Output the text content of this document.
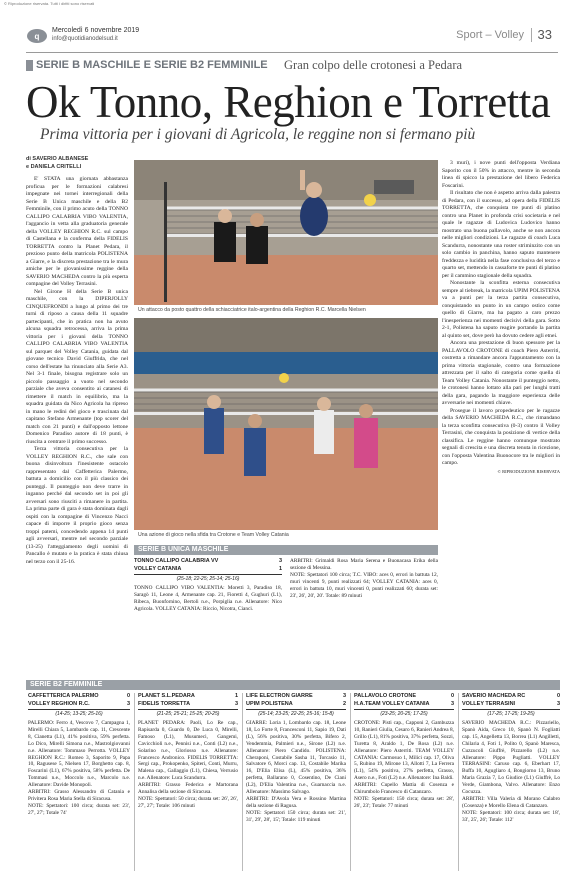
© Riproduzione riservata. Tutti i diritti sono riservati
q
Mercoledì 6 novembre 2019
info@quotidianodelsud.it	Sport – Volley 33
SERIE B MASCHILE E SERIE B2 FEMMINILE Gran colpo delle crotonesi a Pedara
Ok Tonno, Reghion e Torretta
Prima vittoria per i giovani di Agricola, le reggine non si fermano più
di SAVERIO ALBANESE
e DANIELA CRITELLI

E' STATA una giornata abbastanza proficua per le formazioni calabresi impegnate nei tornei interregionali della Serie B Unica maschile e della B2 Femminile, con il primo acuto della TONNO CALLIPO CALABRIA VIBO VALENTIA, l'aggancio in vetta alla graduatoria generale della VOLLEY REGHION R.C. sul campo di Castellana e la conferma della FIDELIS TORRETTA contro la Planet Pedara, il prezioso punto della matricola POLISTENA a Giarre, e la discreta prestazione tra le mura amiche per le giovanissime reggine della SAVERIO MACHEDA contro la più esperta compagine del Volley Terrasini.

Nel Girone H della Serie B unica maschile, con la DIPERJOLLY CINQUEFRONDI a lungo al primo dei tre turni di riposo a causa della 11 squadre partecipanti, che in pratica non ha avuto alcuna squadra retrocessa, arriva la prima vittoria per i giovani della TONNO CALLIPO CALABRIA VIBO VALENTIA sul parquet del Volley Catania, guidata dal giovane tecnico David Giuffrida, che nel corso dell'estate ha rinunciato alla Serie A3. Nel 3-1 finale, bisogna registrare solo un piccolo passaggio a vuoto nel secondo parziale che aveva consentito ai catanesi di rimettere il match in equilibrio, ma la squadra guidata da Nico Agricola ha ripreso in mano le redini del gioco e trascinata dal capitano Stefano Armenante (top scorer del match con 21 punti) e dall'opposto lettone Domenico Paradiso autore di 18 punti, è riuscita a centrare il primo successo.

Terza vittoria consecutiva per la VOLLEY REGHION R.C., che sale con buona disinvoltura l'inesistente ostacolo rappresentato dal Caffetterica Palermo, battuta a domicilio con il più classico dei punteggi. Il punteggio non deve trarre in inganno perché dal secondo set in poi gli avversari sono riusciti a rimanere in partita. La prima parte di gara è stata dominata dagli ospiti con la compagine di Vincenzo Nacci capace di imporre il proprio gioco senza troppi patemi, concedendo appena 14 punti agli avversari, mentre nel secondo parziale (13-25) l'atteggiamento degli uomini di Pancallo è mutato e la pratica è stata chiusa nel terzo con il 25-16.

Un attacco da posto quattro della schiacciatrice italo-argentina della Reghion R.C. Marcella Nielsen
Una azione di gioco nella sfida tra Crotone e Team Volley Catania

3 muri), i nove punti dell'opposta Verdiana Saporito con il 50% in attacco, mentre in seconda linea di spicco la prestazione del libero Federica Foscarini.

Il risultato che non è aspetto arriva dalla palestra di Pedara, con il successo, ad opera della FIDELIS TORRETTA, che conquista tre punti di platino contro una Planet in profonda crisi societaria e nel quale le ragazze di Ludovica Ludovico hanno mostrato una buona pallavolo, anche se non ancora nelle migliori condizioni. Le ragazze di coach Luca Scandurra, nonostante una roster striminzito con un solo cambio in panchina, hanno saputo mantenere freddezza e lucidità nella fase conclusiva del terzo e quarto set, mettendo in cassaforte tre punti di platino per il cammino stagionale della squadra.

Nonostante la sconfitta esterna consecutiva sempre al tiebreak, la matricola UPIM POLISTENA va a punti per la terza partita consecutiva, conquistando un punto in un campo ostico come quello di Giarre, ma ha pagato a caro prezzo l'inesperienza nei momenti decisivi della gara. Sotto 2-1, Polistena ha saputo reagire portando la partita al quinto set, dove però ha dovuto cedere agli etnei.

Ancora una prestazione di buon spessore per la PALLAVOLO CROTONE di coach Piero Asterriti, costretta a rimandare ancora l'appuntamento con la prima vittoria stagionale, contro una formazione attrezzata per il salto di categoria come quella di Team Volley Catania. Nonostante il punteggio netto, le crotonesi hanno lottato alla pari per lunghi tratti della gara, pagando la maggiore esperienza delle avversarie nei momenti chiave.

Prosegue il lavoro propedeutico per le ragazze della SAVERIO MACHEDA R.C., che rimandano la terza sconfitta consecutiva (0-3) contro il Volley Terrasini, che conquista la posizione di vertice della classifica. Le reggine hanno comunque mostrato segnali di crescita e una discreta tenuta in ricezione, con l'opposta Valentina Buonocore tra le migliori in campo.

© RIPRODUZIONE RISERVATA

SERIE B UNICA MASCHILE
TONNO CALLIPO CALABRIA VV	3
VOLLEY CATANIA	1
(25-18; 22-25; 25-14; 25-16)
TONNO CALLIPO VIBO VALENTIA: Moretti 3, Paradiso 18, Saragò 11, Leone 4, Armenante cap. 21, Fioretti 4, Gughuri (L1), Ribeca, Buonfornino, Bertoli n.e., Porpiglia n.e. Allenatore: Nico Agricola. VOLLEY CATANIA: Riccio, Nicotra, Cianci.
ARBITRI: Grimaldi Rosa Maria Serena e Buonacasa Erika della sezione di Messina.
NOTE: Spettatori 100 circa; T.C. VIBO: aces 0, errori in battuta 12, muri vincenti 9, punti realizzati 64; VOLLEY CATANIA: aces 0, errori in battuta 10, muri vincenti 0, punti realizzati 60; durata set: 23', 26', 20', 20'. Totale: 89 minuti
SERIE B2 FEMMINILE
CAFFETTERICA PALERMO	0
VOLLEY REGHION R.C.	3
(14-25; 13-25; 25-16)
PALERMO: Ferro 4, Vescovo 7, Campagna 1, Mirelli Chiara 5, Lombardo cap. 11, Crescente 8, Cianetta (L1), 41% positiva, 59% perfetta. Lo Dico, Mirelli Simona n.e., Mastrolgiovanni n.e. Allenatore: Tommaso Perrotta. VOLLEY REGHION R.C.: Romeo 3, Saporito 9, Papa 10, Ragusese 5, Nielsen 17, Borghetto cap. 8, Foscarini (L1), 67% positiva, 58% perfetta. De Tommasi n.e., Moccolo n.e., Marcolo n.e. Allenatore: Davide Monopoli.
ARBITRI: Grasso Alessandro di Catania e Privitera Rosa Maria Stella di Siracusa.
NOTE: Spettatori: 100 circa; durata set: 23', 27', 27'; Totale 74'
PLANET S.L.PEDARA	1
FIDELIS TORRETTA	3
(21-25; 25-21; 15-25; 20-25)
PLANET PEDARA: Paoli, Lo Re cap., Rapisarda 0, Guardo 0, De Luca 0, Mirelli, Famoso (L1), Musumeci, Gangemi, Cavicchioli n.e., Pennisi n.e., Conti (L2) n.e., Solarino n.e., Gloriosso n.e. Allenatore: Francesco Andronico. FIDELIS TORRETTA: Sergi cap., Prokopenko, Spiteri, Conti, Murru, Malena cap., Gallaggio (L1), Chiesa, Verrusio n.e. Allenatore: Luca Scandurra.
ARBITRI: Grasso Federica e Martorana Annalisa della sezione di Siracusa.
NOTE: Spettatori: 50 circa; durata set: 26', 26', 27', 27'; Totale: 106 minuti
LIFE ELECTRON GIARRE	3
UPIM POLISTENA	2
(25-14; 23-25; 22-25; 25-16; 15-8)
GIARRE: Loria 1, Lombardo cap. 18, Leone 18, Lo Forte 8, Francesconi 11, Sapio 19, Dati (L), 56% positiva, 30% perfetta, Bifero 2, Vendemmia, Palmieri n.e., Sirone (L2) n.e. Allenatore: Piero Candido. POLISTENA: Cheraponi, Costabile Sasha 11, Torcasio 11, Salvatore 6, Morci cap. 13, Costabile Marika 16, D'Elia Elisa (L), 45% positiva, 36% perfetta, Ballarano 0, Cosentino, De Ciani (L2), D'Elia Valentina n.e., Guarnaccia n.e. Allenatore: Massimo Salvago.
ARBITRI: D'Avola Vera e Rossino Martina della sezione di Ragusa.
NOTE: Spettatori 150 circa; durata set: 21', 31', 29', 28', 15'; Totale: 119 minuti
PALLAVOLO CROTONE	0
H.A.TEAM VOLLEY CATANIA	3
(23-25; 20-25; 17-25)
CROTONE: Pisti cap., Capponi 2, Gambuzza 10, Ranieri Giulia, Cesaro 6, Ranieri Andrea 8, Grillo (L1), 81% positiva, 37% perfetta, Sozzi, Turetta 8, Araldo 1, De Rosa (L2) n.e. Allenatore: Piero Asterriti. TEAM VOLLEY CATANIA: Carmosuo 1, Milici cap. 17, Oliva 5, Rubino 19, Mirone 13, Allotti 7, La Ferrera (L1), 54% positiva, 27% perfetta, Grasso, Asero n.e., Foti (L2) n.e. Allenatore: Ina Baldi.
ARBITRI: Cupello Mattia di Cosenza e Chirumbolo Francesco di Catanzaro.
NOTE: Spettatori: 150 circa; durata set: 28', 26', 23'; Totale: 77 minuti
SAVERIO MACHEDA RC	0
VOLLEY TERRASINI	3
(17-25; 17-25; 19-25)
SAVERIO MACHEDA R.C.: Pizzariello, Spanò Aida, Greco 10, Spanò N. Fogliatti cap. 15, Angelletta 13, Borrea (L1) Angilletti, Chilaria 4, Foti 1, Polito 0, Spanò Maresca, Cuzzucoli Giuffrè, Pizzarello (L2) n.e. Allenatore: Pippo Pugliatti. VOLLEY TERRASINI: Caruso cap. 6, Eberhart 17, Buffa 10, Agugliaro 4, Bongiorno 13, Bruno Maria Grazia 7, Lo Giudice (L1) Giuffrè, Lo Verde, Giambona, Valvo. Allenatore: Enzo Cocuzza.
ARBITRI: Villa Valeria di Morano Calabro (Cosenza) e Morello Elena di Catanzaro.
NOTE: Spettatori: 100 circa; durata set: 18', 33', 25', 26'; Totale: 112'
